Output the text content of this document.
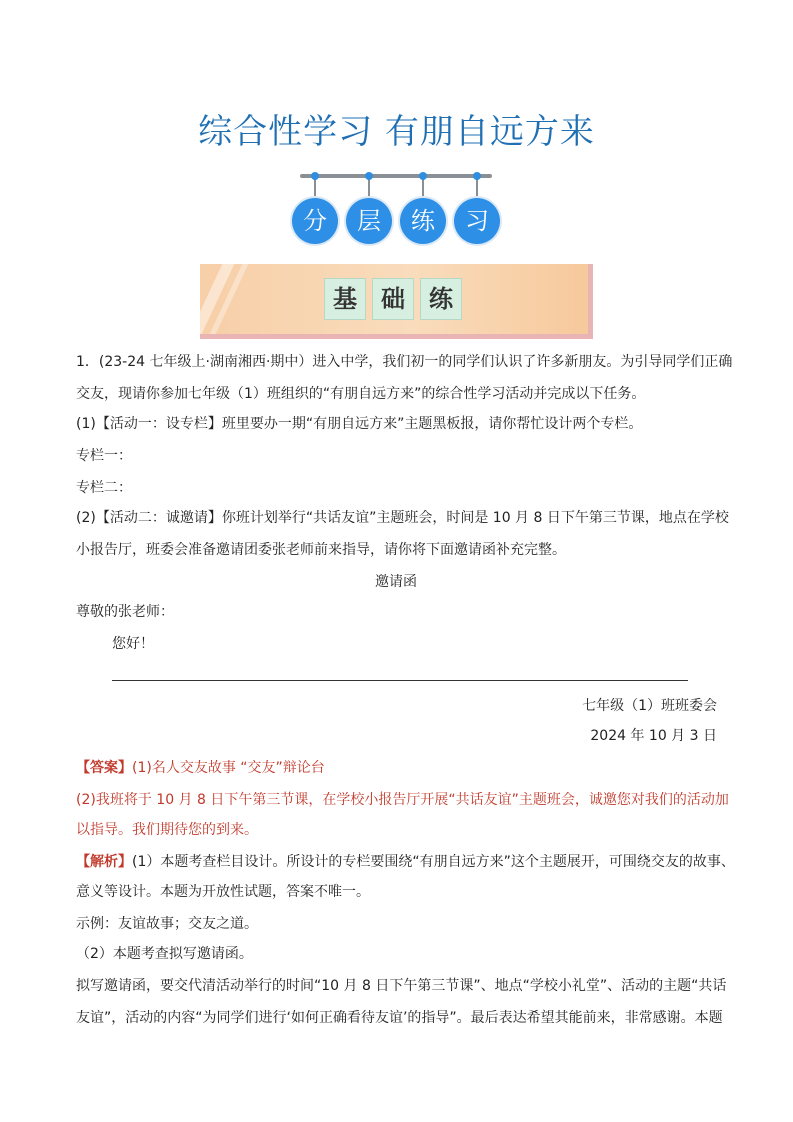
综合性学习 有朋自远方来
分	层	练	习
基	础	练
1．(23-24 七年级上·湖南湘西·期中）进入中学，我们初一的同学们认识了许多新朋友。为引导同学们正确
交友，现请你参加七年级（1）班组织的“有朋自远方来”的综合性学习活动并完成以下任务。
(1)【活动一：设专栏】班里要办一期“有朋自远方来”主题黑板报，请你帮忙设计两个专栏。
专栏一：
专栏二：
(2)【活动二：诚邀请】你班计划举行“共话友谊”主题班会，时间是 10 月 8 日下午第三节课，地点在学校
小报告厅，班委会准备邀请团委张老师前来指导，请你将下面邀请函补充完整。
邀请函
尊敬的张老师：
您好！
七年级（1）班班委会
2024 年 10 月 3 日
【答案】(1)名人交友故事 “交友”辩论台
(2)我班将于 10 月 8 日下午第三节课，在学校小报告厅开展“共话友谊”主题班会，诚邀您对我们的活动加
以指导。我们期待您的到来。
【解析】(1）本题考查栏目设计。所设计的专栏要围绕“有朋自远方来”这个主题展开，可围绕交友的故事、
意义等设计。本题为开放性试题，答案不唯一。
示例：友谊故事；交友之道。
（2）本题考查拟写邀请函。
拟写邀请函，要交代清活动举行的时间“10 月 8 日下午第三节课”、地点“学校小礼堂”、活动的主题“共话
友谊”，活动的内容“为同学们进行‘如何正确看待友谊’的指导”。最后表达希望其能前来，非常感谢。本题
